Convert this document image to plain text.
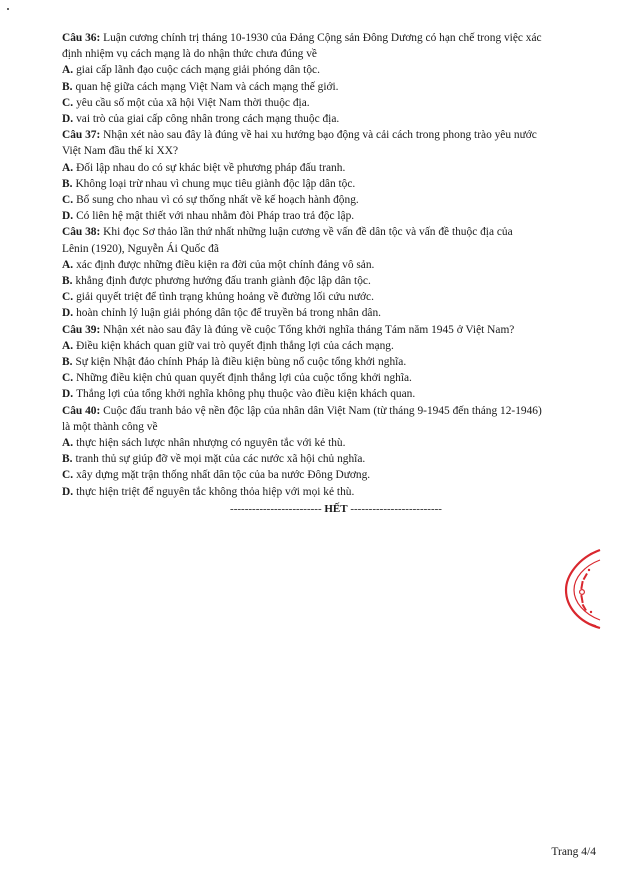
Câu 36: Luận cương chính trị tháng 10-1930 của Đảng Cộng sản Đông Dương có hạn chế trong việc xác
định nhiệm vụ cách mạng là do nhận thức chưa đúng về
A. giai cấp lãnh đạo cuộc cách mạng giải phóng dân tộc.
B. quan hệ giữa cách mạng Việt Nam và cách mạng thế giới.
C. yêu cầu số một của xã hội Việt Nam thời thuộc địa.
D. vai trò của giai cấp công nhân trong cách mạng thuộc địa.
Câu 37: Nhận xét nào sau đây là đúng về hai xu hướng bạo động và cải cách trong phong trào yêu nước
Việt Nam đầu thế kỉ XX?
A. Đối lập nhau do có sự khác biệt về phương pháp đấu tranh.
B. Không loại trừ nhau vì chung mục tiêu giành độc lập dân tộc.
C. Bổ sung cho nhau vì có sự thống nhất về kế hoạch hành động.
D. Có liên hệ mật thiết với nhau nhằm đòi Pháp trao trả độc lập.
Câu 38: Khi đọc Sơ thảo lần thứ nhất những luận cương về vấn đề dân tộc và vấn đề thuộc địa của
Lênin (1920), Nguyễn Ái Quốc đã
A. xác định được những điều kiện ra đời của một chính đảng vô sản.
B. khẳng định được phương hướng đấu tranh giành độc lập dân tộc.
C. giải quyết triệt để tình trạng khủng hoảng về đường lối cứu nước.
D. hoàn chỉnh lý luận giải phóng dân tộc để truyền bá trong nhân dân.
Câu 39: Nhận xét nào sau đây là đúng về cuộc Tổng khởi nghĩa tháng Tám năm 1945 ở Việt Nam?
A. Điều kiện khách quan giữ vai trò quyết định thắng lợi của cách mạng.
B. Sự kiện Nhật đảo chính Pháp là điều kiện bùng nổ cuộc tổng khởi nghĩa.
C. Những điều kiện chủ quan quyết định thắng lợi của cuộc tổng khởi nghĩa.
D. Thắng lợi của tổng khởi nghĩa không phụ thuộc vào điều kiện khách quan.
Câu 40: Cuộc đấu tranh bảo vệ nền độc lập của nhân dân Việt Nam (từ tháng 9-1945 đến tháng 12-1946)
là một thành công về
A. thực hiện sách lược nhân nhượng có nguyên tắc với kẻ thù.
B. tranh thủ sự giúp đỡ về mọi mặt của các nước xã hội chủ nghĩa.
C. xây dựng mặt trận thống nhất dân tộc của ba nước Đông Dương.
D. thực hiện triệt để nguyên tắc không thỏa hiệp với mọi kẻ thù.
------------------------- HẾT -------------------------
Trang 4/4
